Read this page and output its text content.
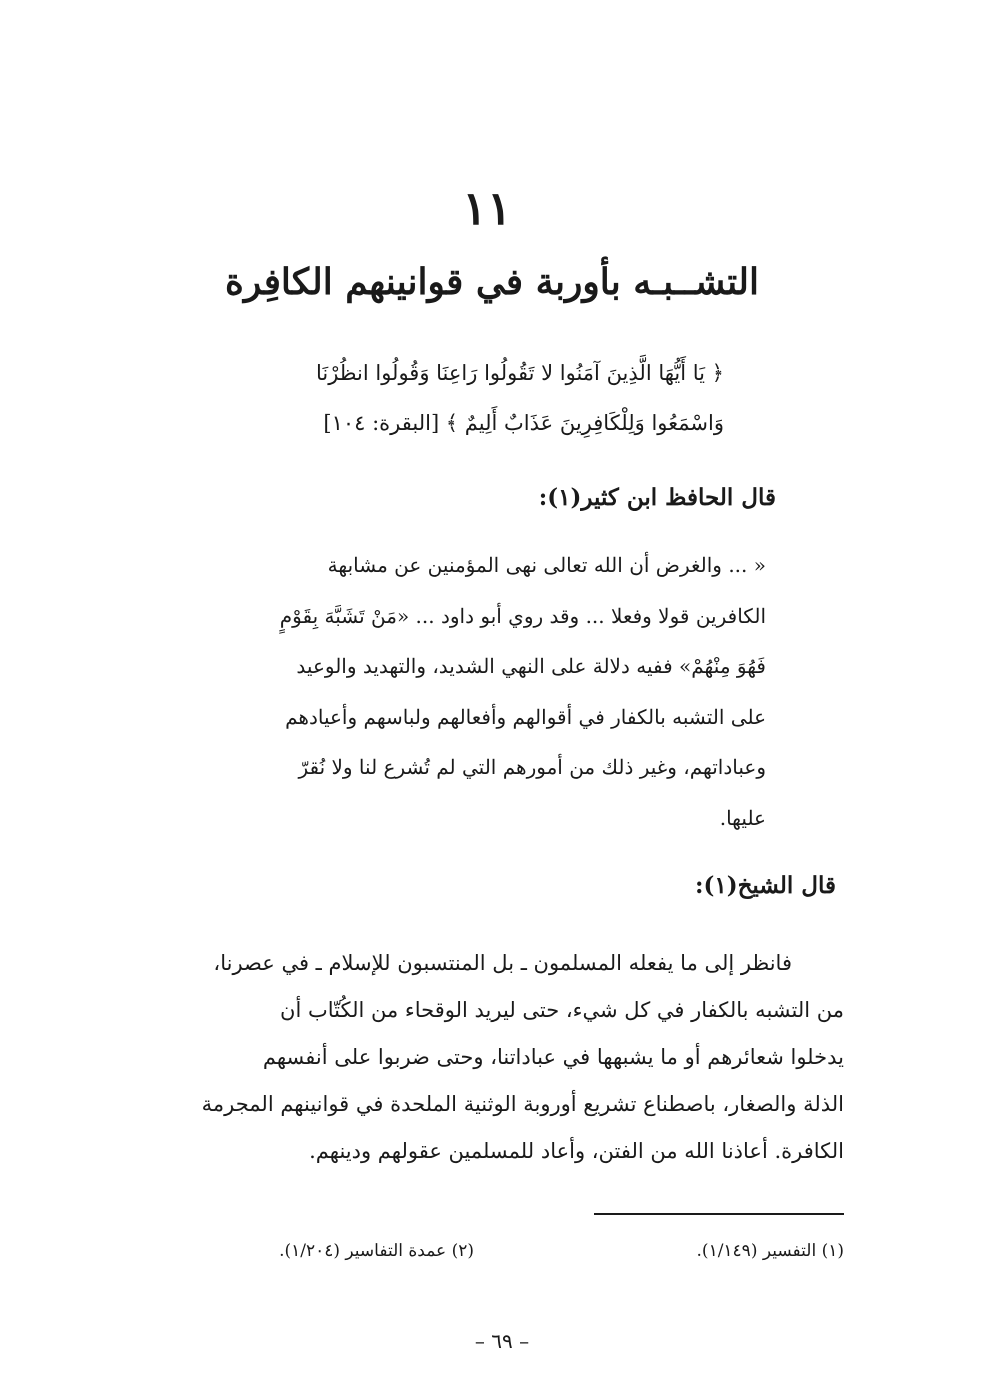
١١
التشــبـه بأوربة في قوانينهم الكافِرة
﴿ يَا أَيُّهَا الَّذِينَ آمَنُوا لا تَقُولُوا رَاعِنَا وَقُولُوا انظُرْنَا
وَاسْمَعُوا وَلِلْكَافِرِينَ عَذَابٌ أَلِيمٌ ﴾ [البقرة: ١٠٤]
قال الحافظ ابن كثير(١):
« ... والغرض أن الله تعالى نهى المؤمنين عن مشابهة
الكافرين قولا وفعلا ... وقد روي أبو داود ... «مَنْ تَشَبَّهَ بِقَوْمٍ
فَهُوَ مِنْهُمْ» ففيه دلالة على النهي الشديد، والتهديد والوعيد
على التشبه بالكفار في أقوالهم وأفعالهم ولباسهم وأعيادهم
وعباداتهم، وغير ذلك من أمورهم التي لم تُشرع لنا ولا نُقرّ
عليها.
قال الشيخ(١):
فانظر إلى ما يفعله المسلمون ـ بل المنتسبون للإسلام ـ في عصرنا،
من التشبه بالكفار في كل شيء، حتى ليريد الوقحاء من الكُتّاب أن
يدخلوا شعائرهم أو ما يشبهها في عباداتنا، وحتى ضربوا على أنفسهم
الذلة والصغار، باصطناع تشريع أوروبة الوثنية الملحدة في قوانينهم المجرمة
الكافرة. أعاذنا الله من الفتن، وأعاد للمسلمين عقولهم ودينهم.
(١) التفسير (١/١٤٩).
(٢) عمدة التفاسير (١/٢٠٤).
– ٦٩ –
